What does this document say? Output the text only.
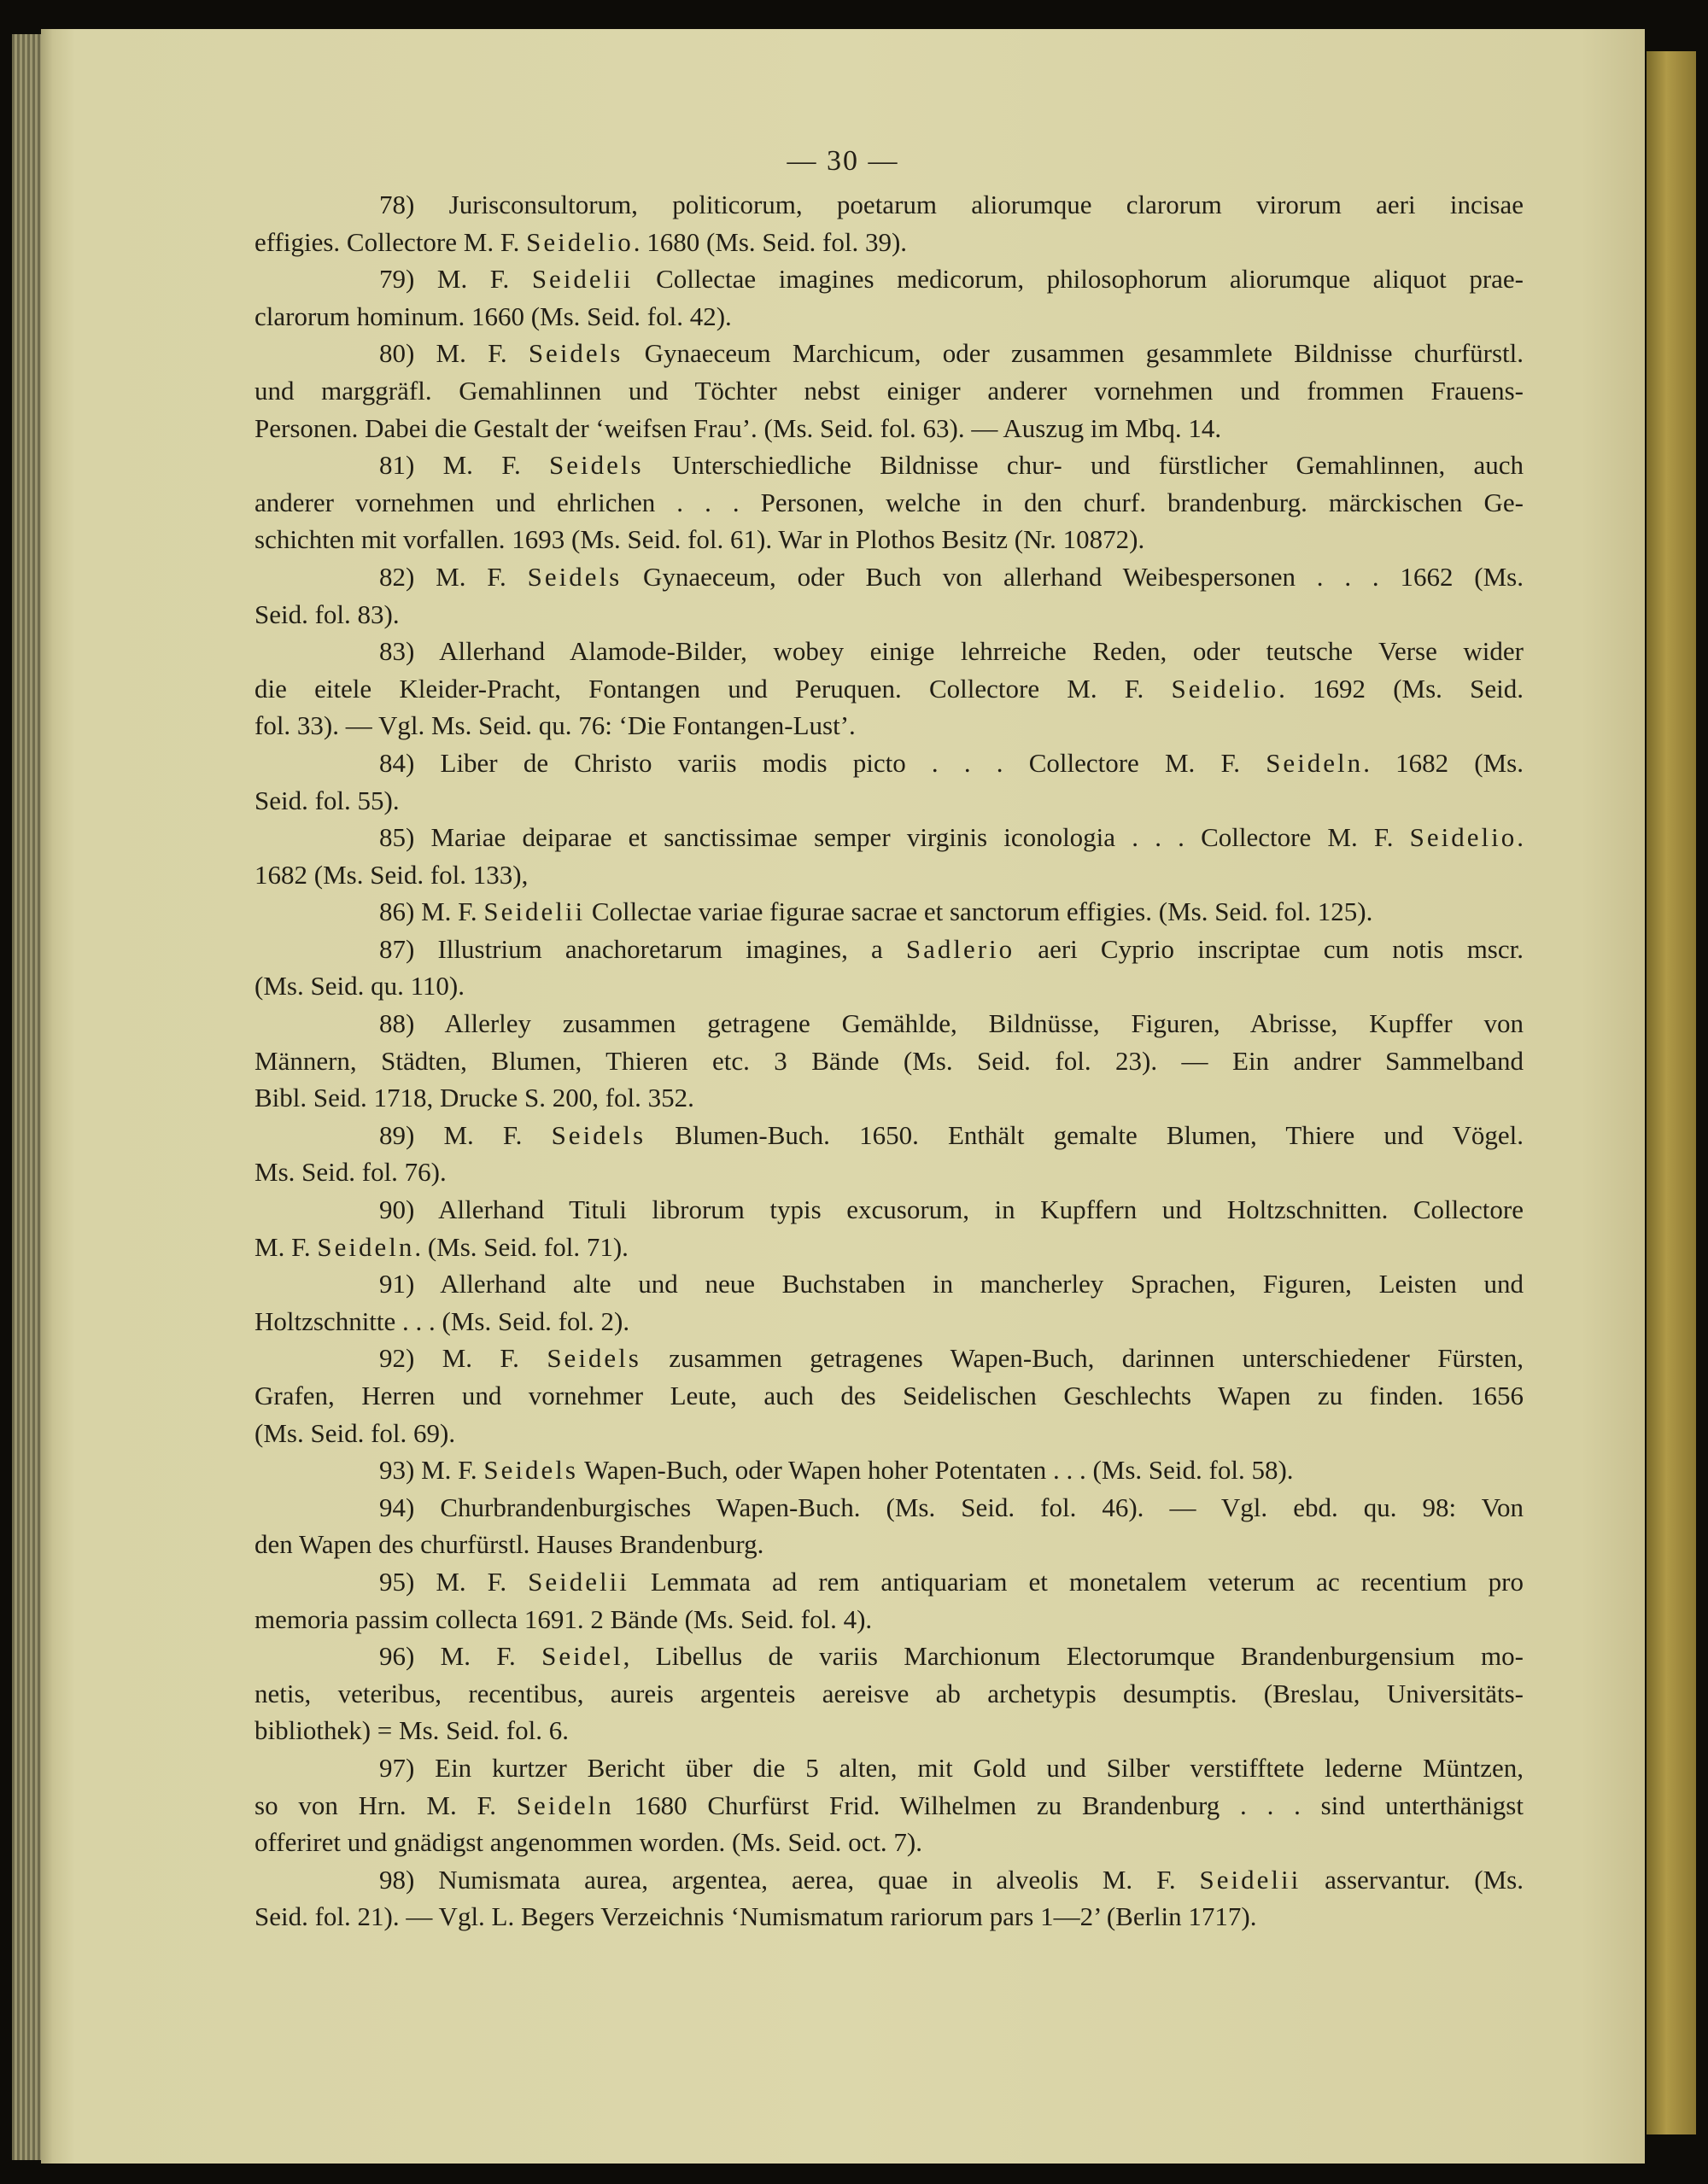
— 30 —
78) Jurisconsultorum, politicorum, poetarum aliorumque clarorum virorum aeri incisae
effigies. Collectore M. F. Seidelio. 1680 (Ms. Seid. fol. 39).
79) M. F. Seidelii Collectae imagines medicorum, philosophorum aliorumque aliquot prae-
clarorum hominum. 1660 (Ms. Seid. fol. 42).
80) M. F. Seidels Gynaeceum Marchicum, oder zusammen gesammlete Bildnisse churfürstl.
und marggräfl. Gemahlinnen und Töchter nebst einiger anderer vornehmen und frommen Frauens-
Personen. Dabei die Gestalt der ‘weifsen Frau’. (Ms. Seid. fol. 63). — Auszug im Mbq. 14.
81) M. F. Seidels Unterschiedliche Bildnisse chur- und fürstlicher Gemahlinnen, auch
anderer vornehmen und ehrlichen . . . Personen, welche in den churf. brandenburg. märckischen Ge-
schichten mit vorfallen. 1693 (Ms. Seid. fol. 61). War in Plothos Besitz (Nr. 10872).
82) M. F. Seidels Gynaeceum, oder Buch von allerhand Weibespersonen . . . 1662 (Ms.
Seid. fol. 83).
83) Allerhand Alamode-Bilder, wobey einige lehrreiche Reden, oder teutsche Verse wider
die eitele Kleider-Pracht, Fontangen und Peruquen. Collectore M. F. Seidelio. 1692 (Ms. Seid.
fol. 33). — Vgl. Ms. Seid. qu. 76: ‘Die Fontangen-Lust’.
84) Liber de Christo variis modis picto . . . Collectore M. F. Seideln. 1682 (Ms.
Seid. fol. 55).
85) Mariae deiparae et sanctissimae semper virginis iconologia . . . Collectore M. F. Seidelio.
1682 (Ms. Seid. fol. 133),
86) M. F. Seidelii Collectae variae figurae sacrae et sanctorum effigies. (Ms. Seid. fol. 125).
87) Illustrium anachoretarum imagines, a Sadlerio aeri Cyprio inscriptae cum notis mscr.
(Ms. Seid. qu. 110).
88) Allerley zusammen getragene Gemählde, Bildnüsse, Figuren, Abrisse, Kupffer von
Männern, Städten, Blumen, Thieren etc. 3 Bände (Ms. Seid. fol. 23). — Ein andrer Sammelband
Bibl. Seid. 1718, Drucke S. 200, fol. 352.
89) M. F. Seidels Blumen-Buch. 1650. Enthält gemalte Blumen, Thiere und Vögel.
Ms. Seid. fol. 76).
90) Allerhand Tituli librorum typis excusorum, in Kupffern und Holtzschnitten. Collectore
M. F. Seideln. (Ms. Seid. fol. 71).
91) Allerhand alte und neue Buchstaben in mancherley Sprachen, Figuren, Leisten und
Holtzschnitte . . . (Ms. Seid. fol. 2).
92) M. F. Seidels zusammen getragenes Wapen-Buch, darinnen unterschiedener Fürsten,
Grafen, Herren und vornehmer Leute, auch des Seidelischen Geschlechts Wapen zu finden. 1656
(Ms. Seid. fol. 69).
93) M. F. Seidels Wapen-Buch, oder Wapen hoher Potentaten . . . (Ms. Seid. fol. 58).
94) Churbrandenburgisches Wapen-Buch. (Ms. Seid. fol. 46). — Vgl. ebd. qu. 98: Von
den Wapen des churfürstl. Hauses Brandenburg.
95) M. F. Seidelii Lemmata ad rem antiquariam et monetalem veterum ac recentium pro
memoria passim collecta 1691. 2 Bände (Ms. Seid. fol. 4).
96) M. F. Seidel, Libellus de variis Marchionum Electorumque Brandenburgensium mo-
netis, veteribus, recentibus, aureis argenteis aereisve ab archetypis desumptis. (Breslau, Universitäts-
bibliothek) = Ms. Seid. fol. 6.
97) Ein kurtzer Bericht über die 5 alten, mit Gold und Silber verstifftete lederne Müntzen,
so von Hrn. M. F. Seideln 1680 Churfürst Frid. Wilhelmen zu Brandenburg . . . sind unterthänigst
offeriret und gnädigst angenommen worden. (Ms. Seid. oct. 7).
98) Numismata aurea, argentea, aerea, quae in alveolis M. F. Seidelii asservantur. (Ms.
Seid. fol. 21). — Vgl. L. Begers Verzeichnis ‘Numismatum rariorum pars 1—2’ (Berlin 1717).
